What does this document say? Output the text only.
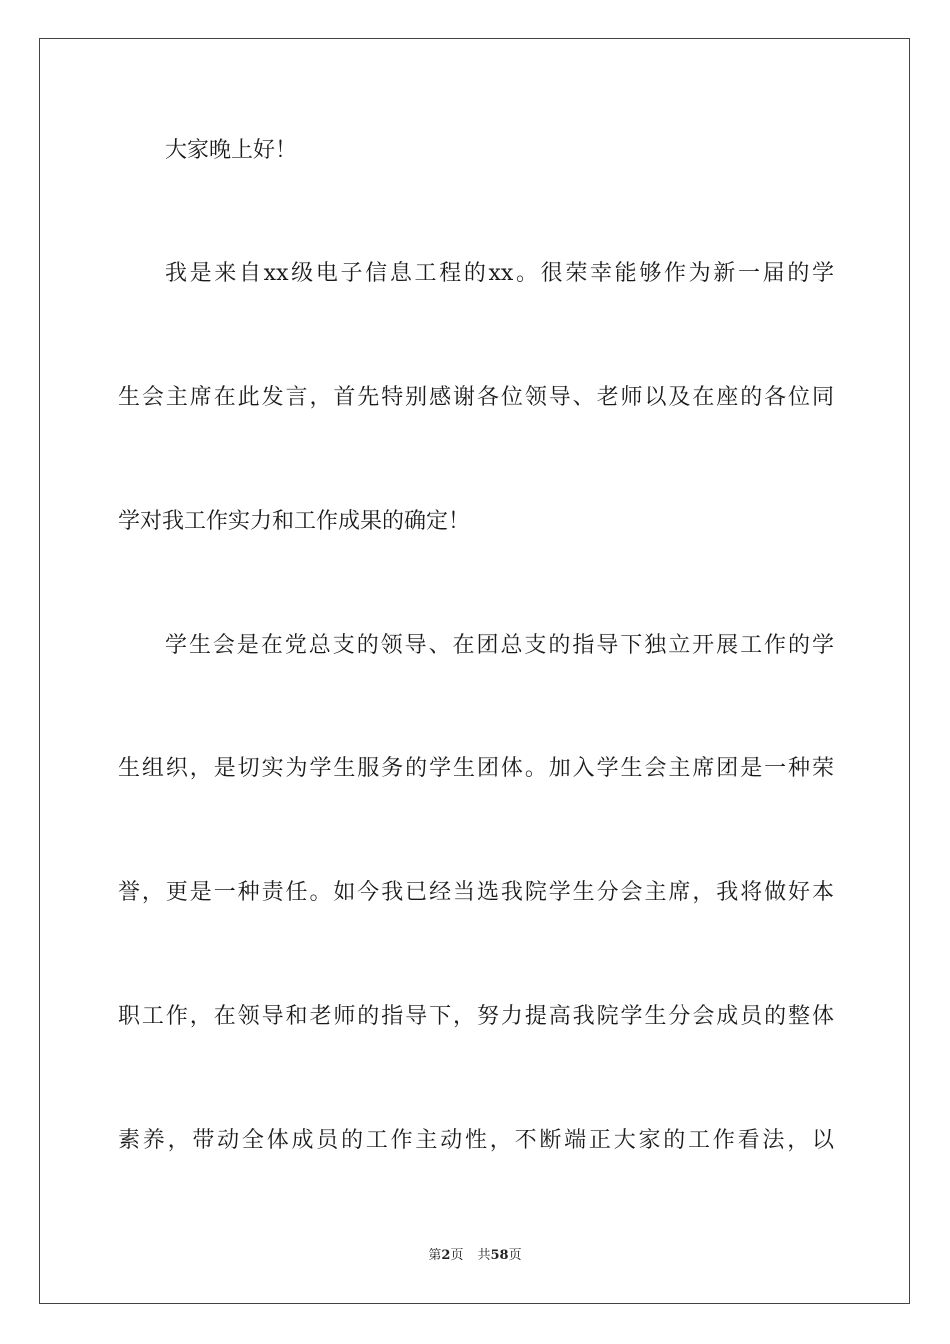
大家晚上好！
我是来自xx级电子信息工程的xx。很荣幸能够作为新一届的学
生会主席在此发言，首先特别感谢各位领导、老师以及在座的各位同
学对我工作实力和工作成果的确定！
学生会是在党总支的领导、在团总支的指导下独立开展工作的学
生组织，是切实为学生服务的学生团体。加入学生会主席团是一种荣
誉，更是一种责任。如今我已经当选我院学生分会主席，我将做好本
职工作，在领导和老师的指导下，努力提高我院学生分会成员的整体
素养，带动全体成员的工作主动性，不断端正大家的工作看法，以
第2页 共58页
